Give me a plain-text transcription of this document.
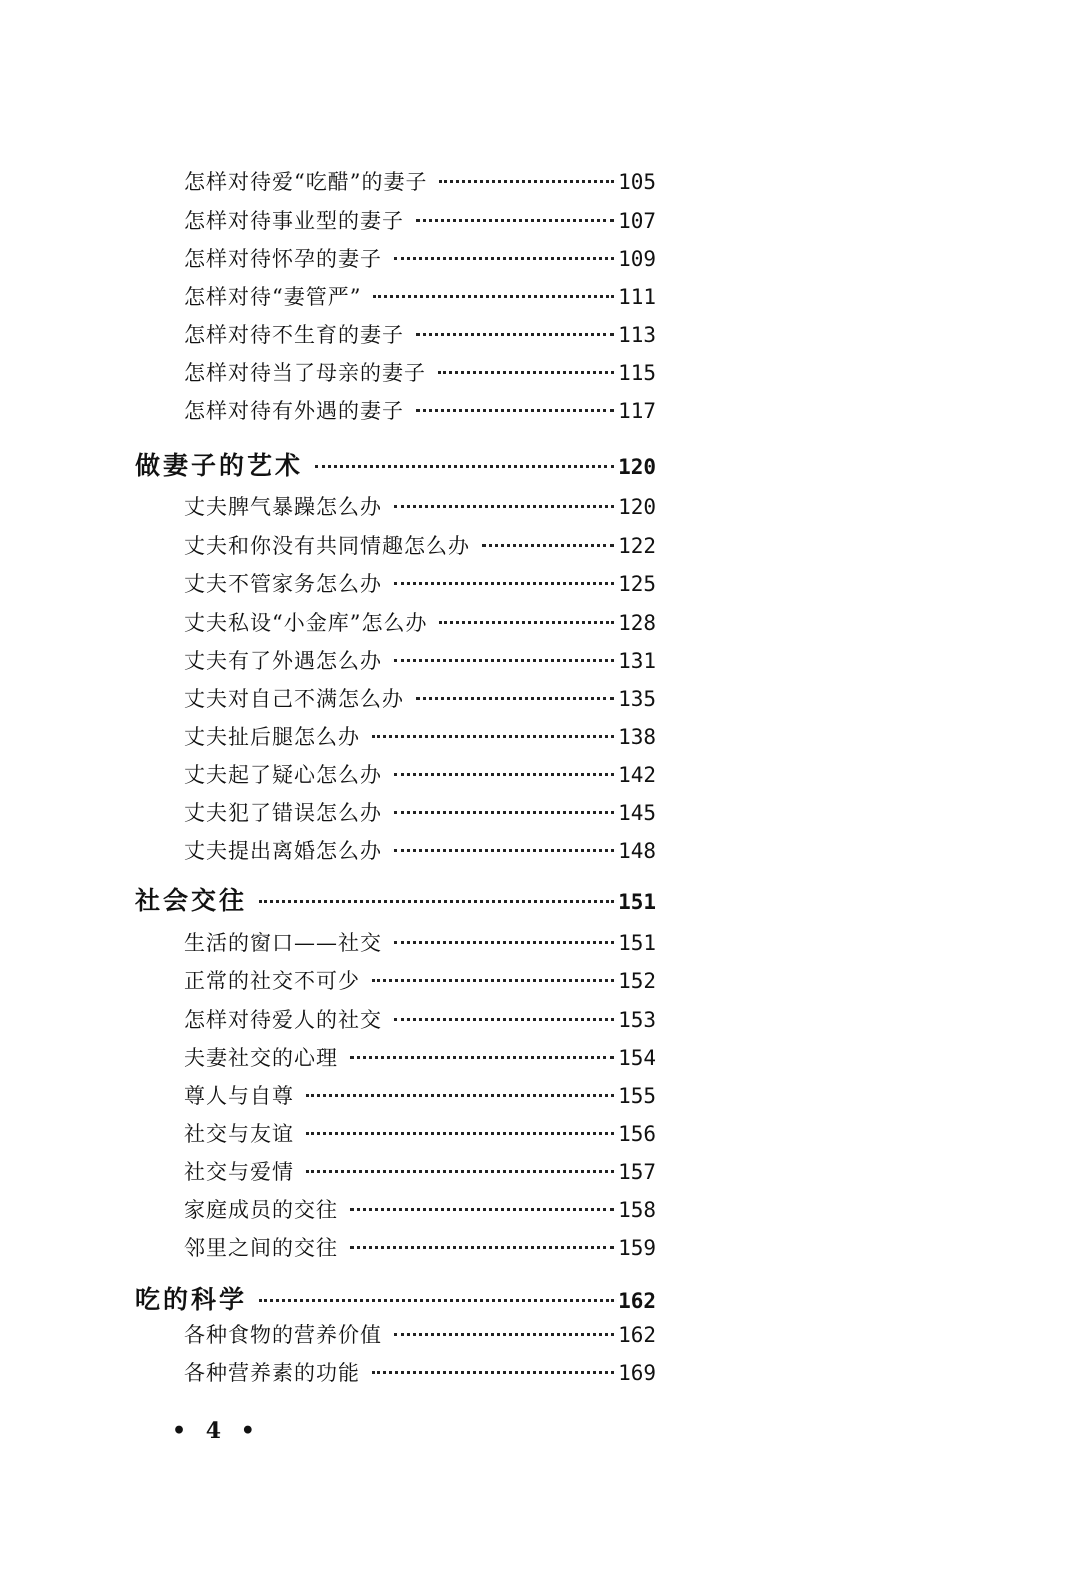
怎样对待爱“吃醋”的妻子	105
怎样对待事业型的妻子	107
怎样对待怀孕的妻子	109
怎样对待“妻管严”	111
怎样对待不生育的妻子	113
怎样对待当了母亲的妻子	115
怎样对待有外遇的妻子	117
做妻子的艺术	120
丈夫脾气暴躁怎么办	120
丈夫和你没有共同情趣怎么办	122
丈夫不管家务怎么办	125
丈夫私设“小金库”怎么办	128
丈夫有了外遇怎么办	131
丈夫对自己不满怎么办	135
丈夫扯后腿怎么办	138
丈夫起了疑心怎么办	142
丈夫犯了错误怎么办	145
丈夫提出离婚怎么办	148
社会交往	151
生活的窗口——社交	151
正常的社交不可少	152
怎样对待爱人的社交	153
夫妻社交的心理	154
尊人与自尊	155
社交与友谊	156
社交与爱情	157
家庭成员的交往	158
邻里之间的交往	159
吃的科学	162
各种食物的营养价值	162
各种营养素的功能	169
• 4 •
